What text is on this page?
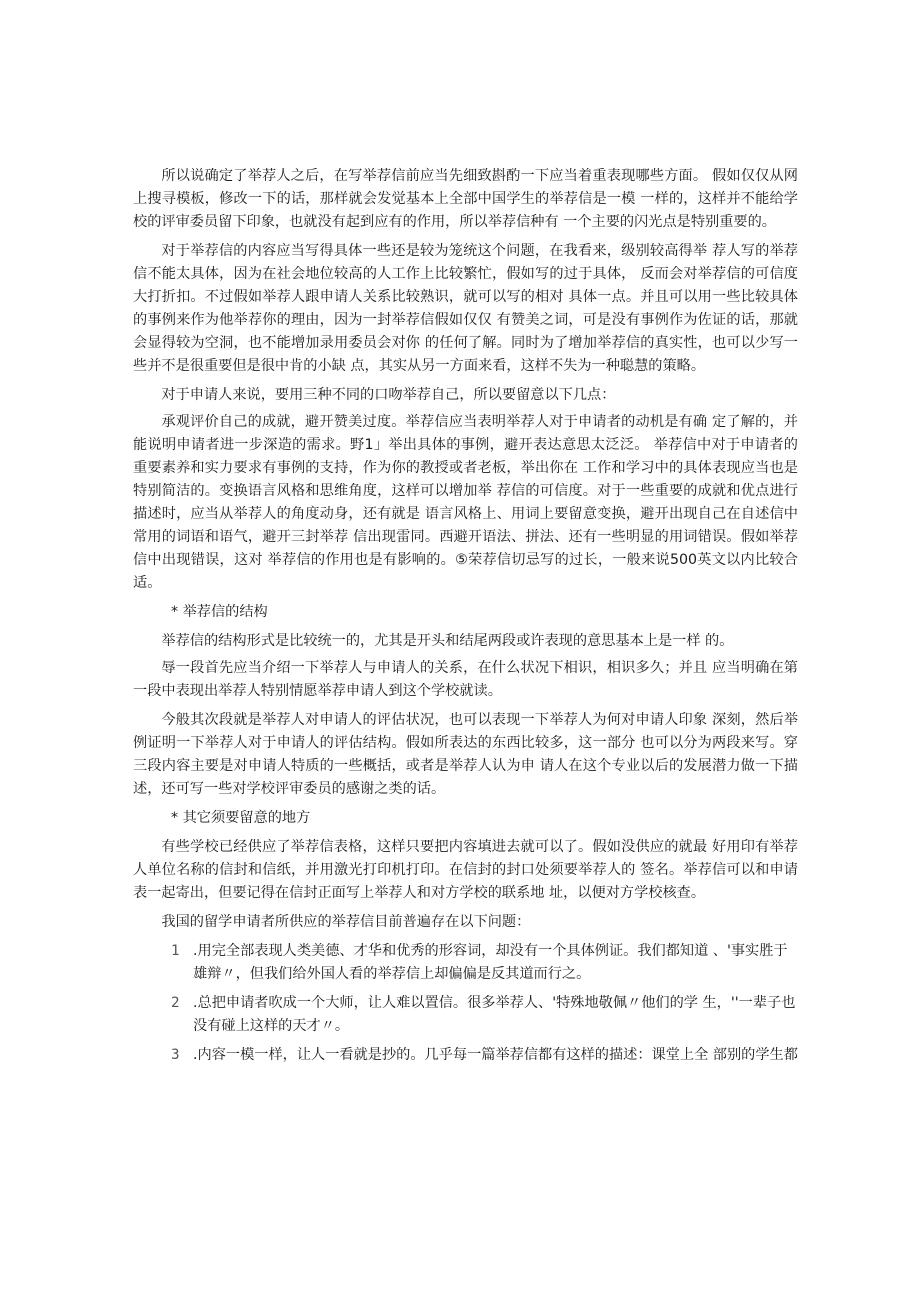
所以说确定了举荐人之后，在写举荐信前应当先细致斟酌一下应当着重表现哪些方面。 假如仅仅从网上搜寻模板，修改一下的话，那样就会发觉基本上全部中国学生的举荐信是一模 一样的，这样并不能给学校的评审委员留下印象，也就没有起到应有的作用，所以举荐信种有 一个主要的闪光点是特别重要的。

对于举荐信的内容应当写得具体一些还是较为笼统这个问题，在我看来，级别较高得举 荐人写的举荐信不能太具体，因为在社会地位较高的人工作上比较繁忙，假如写的过于具体， 反而会对举荐信的可信度大打折扣。不过假如举荐人跟申请人关系比较熟识，就可以写的相对 具体一点。并且可以用一些比较具体的事例来作为他举荐你的理由，因为一封举荐信假如仅仅 有赞美之词，可是没有事例作为佐证的话，那就会显得较为空洞，也不能增加录用委员会对你 的任何了解。同时为了增加举荐信的真实性，也可以少写一些并不是很重要但是很中肯的小缺 点，其实从另一方面来看，这样不失为一种聪慧的策略。

对于申请人来说，要用三种不同的口吻举荐自己，所以要留意以下几点：

承观评价自己的成就，避开赞美过度。举荐信应当表明举荐人对于申请者的动机是有确 定了解的，并能说明申请者进一步深造的需求。野1」举出具体的事例，避开表达意思太泛泛。 举荐信中对于申请者的重要素养和实力要求有事例的支持，作为你的教授或者老板，举出你在 工作和学习中的具体表现应当也是特别简洁的。变换语言风格和思维角度，这样可以增加举 荐信的可信度。对于一些重要的成就和优点进行描述时，应当从举荐人的角度动身，还有就是 语言风格上、用词上要留意变换，避开出现自己在自述信中常用的词语和语气，避开三封举荐 信出现雷同。西避开语法、拼法、还有一些明显的用词错误。假如举荐信中出现错误，这对 举荐信的作用也是有影响的。⑤荣荐信切忌写的过长，一般来说500英文以内比较合适。

* 举荐信的结构

举荐信的结构形式是比较统一的，尤其是开头和结尾两段或许表现的意思基本上是一样 的。

辱一段首先应当介绍一下举荐人与申请人的关系，在什么状况下相识，相识多久；并且 应当明确在第一段中表现出举荐人特别情愿举荐申请人到这个学校就读。

今般其次段就是举荐人对申请人的评估状况，也可以表现一下举荐人为何对申请人印象 深刻，然后举例证明一下举荐人对于申请人的评估结构。假如所表达的东西比较多，这一部分 也可以分为两段来写。穿三段内容主要是对申请人特质的一些概括，或者是举荐人认为申 请人在这个专业以后的发展潜力做一下描述，还可写一些对学校评审委员的感谢之类的话。

* 其它须要留意的地方

有些学校已经供应了举荐信表格，这样只要把内容填进去就可以了。假如没供应的就最 好用印有举荐人单位名称的信封和信纸，并用激光打印机打印。在信封的封口处须要举荐人的 签名。举荐信可以和申请表一起寄出，但要记得在信封正面写上举荐人和对方学校的联系地 址，以便对方学校核查。

我国的留学申请者所供应的举荐信目前普遍存在以下问题：

1 .用完全部表现人类美德、才华和优秀的形容词，却没有一个具体例证。我们都知道 、'事实胜于雄辩〃，但我们给外国人看的举荐信上却偏偏是反其道而行之。
2 .总把申请者吹成一个大师，让人难以置信。很多举荐人、'特殊地敬佩〃他们的学 生，''一辈子也没有碰上这样的天才〃。
3 .内容一模一样，让人一看就是抄的。几乎每一篇举荐信都有这样的描述：课堂上全 部别的学生都
